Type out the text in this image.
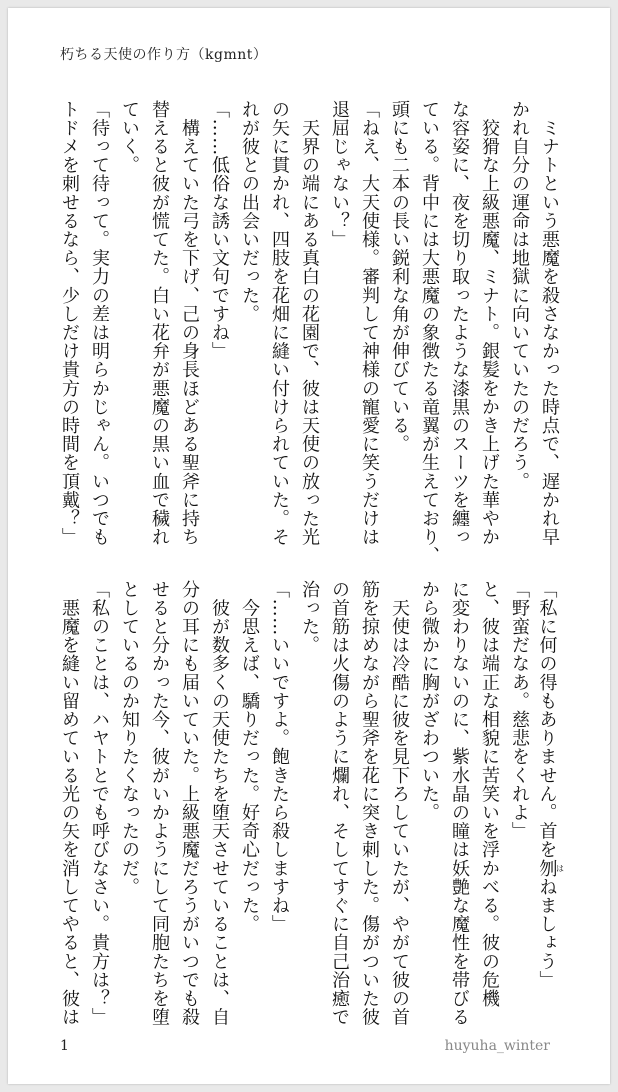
朽ちる天使の作り方（kgmnt）
　ミナトという悪魔を殺さなかった時点で、遅かれ早
かれ自分の運命は地獄に向いていたのだろう。
　狡猾な上級悪魔、ミナト。銀髪をかき上げた華やか
な容姿に、夜を切り取ったような漆黒のスーツを纏っ
ている。背中には大悪魔の象徴たる竜翼が生えており、
頭にも二本の長い鋭利な角が伸びている。
「ねえ、大天使様。審判して神様の寵愛に笑うだけは
退屈じゃない？」
　天界の端にある真白の花園で、彼は天使の放った光
の矢に貫かれ、四肢を花畑に縫い付けられていた。そ
れが彼との出会いだった。
「……低俗な誘い文句ですね」
　構えていた弓を下げ、己の身長ほどある聖斧に持ち
替えると彼が慌てた。白い花弁が悪魔の黒い血で穢れ
ていく。
「待って待って。実力の差は明らかじゃん。いつでも
トドメを刺せるなら、少しだけ貴方の時間を頂戴？」
「私に何の得もありません。首を刎はねましょう」
「野蛮だなあ。慈悲をくれよ」
と、彼は端正な相貌に苦笑いを浮かべる。彼の危機
に変わりないのに、紫水晶の瞳は妖艶な魔性を帯びる
から微かに胸がざわついた。
　天使は冷酷に彼を見下ろしていたが、やがて彼の首
筋を掠めながら聖斧を花に突き刺した。傷がついた彼
の首筋は火傷のように爛れ、そしてすぐに自己治癒で
治った。
「……いいですよ。飽きたら殺しますね」
　今思えば、驕りだった。好奇心だった。
　彼が数多くの天使たちを堕天させていることは、自
分の耳にも届いていた。上級悪魔だろうがいつでも殺
せると分かった今、彼がいかようにして同胞たちを堕
としているのか知りたくなったのだ。
「私のことは、ハヤトとでも呼びなさい。貴方は？」
　悪魔を縫い留めている光の矢を消してやると、彼は
1	huyuha_winter
